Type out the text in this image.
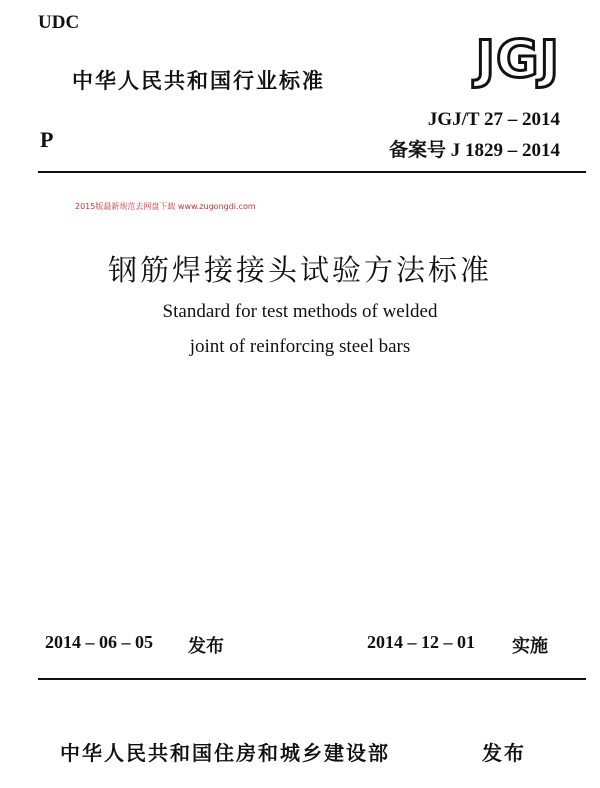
UDC
中华人民共和国行业标准	JGJ
JGJ/T 27 – 2014
备案号 J 1829 – 2014
P
2015版最新规范去网盘下载 www.zugongdi.com
钢筋焊接接头试验方法标准
Standard for test methods of welded
joint of reinforcing steel bars
2014 – 06 – 05 发布	2014 – 12 – 01 实施
中华人民共和国住房和城乡建设部	发布
